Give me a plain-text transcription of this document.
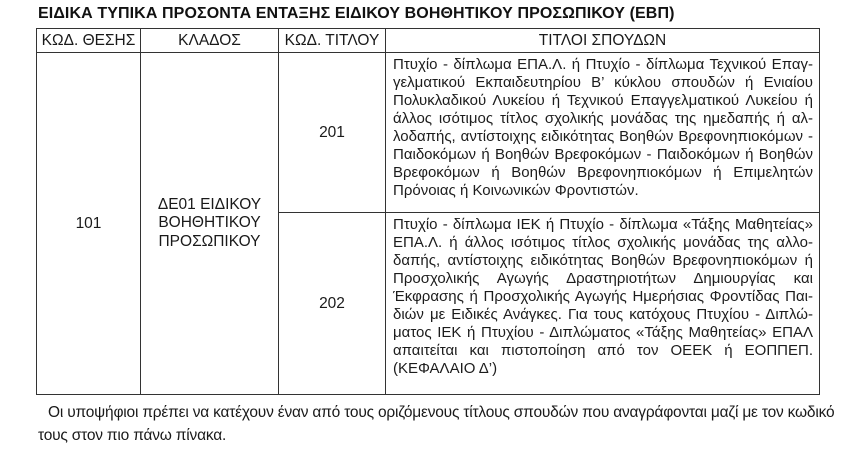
ΕΙΔΙΚΑ ΤΥΠΙΚΑ ΠΡΟΣΟΝΤΑ ΕΝΤΑΞΗΣ ΕΙΔΙΚΟΥ ΒΟΗΘΗΤΙΚΟΥ ΠΡΟΣΩΠΙΚΟΥ (ΕΒΠ)
ΚΩΔ. ΘΕΣΗΣ	ΚΛΑΔΟΣ	ΚΩΔ. ΤΙΤΛΟΥ	ΤΙΤΛΟΙ ΣΠΟΥΔΩΝ
101	ΔΕ01 ΕΙΔΙΚΟΥ ΒΟΗΘΗΤΙΚΟΥ ΠΡΟΣΩΠΙΚΟΥ	201	Πτυχίο - δίπλωμα ΕΠΑ.Λ. ή Πτυχίο - δίπλωμα Τεχνικού Επαγγελματικού Εκπαιδευτηρίου Β’ κύκλου σπουδών ή Ενιαίου Πολυκλαδικού Λυκείου ή Τεχνικού Επαγγελματικού Λυκείου ή άλλος ισότιμος τίτλος σχολικής μονάδας της ημεδαπής ή αλλοδαπής, αντίστοιχης ειδικότητας Βοηθών Βρεφονηπιοκόμων - Παιδοκόμων ή Βοηθών Βρεφοκόμων - Παιδοκόμων ή Βοηθών Βρεφοκόμων ή Βοηθών Βρεφονηπιοκόμων ή Επιμελητών Πρόνοιας ή Κοινωνικών Φροντιστών.
		202	Πτυχίο - δίπλωμα ΙΕΚ ή Πτυχίο - δίπλωμα «Τάξης Μαθητείας» ΕΠΑ.Λ. ή άλλος ισότιμος τίτλος σχολικής μονάδας της αλλοδαπής, αντίστοιχης ειδικότητας Βοηθών Βρεφονηπιοκόμων ή Προσχολικής Αγωγής Δραστηριοτήτων Δημιουργίας και Έκφρασης ή Προσχολικής Αγωγής Ημερήσιας Φροντίδας Παιδιών με Ειδικές Ανάγκες. Για τους κατόχους Πτυχίου - Διπλώματος ΙΕΚ ή Πτυχίου - Διπλώματος «Τάξης Μαθητείας» ΕΠΑΛ απαιτείται και πιστοποίηση από τον ΟΕΕΚ ή ΕΟΠΠΕΠ. (ΚΕΦΑΛΑΙΟ Δ’)

Οι υποψήφιοι πρέπει να κατέχουν έναν από τους οριζόμενους τίτλους σπουδών που αναγράφονται μαζί με τον κωδικό τους στον πιο πάνω πίνακα.
